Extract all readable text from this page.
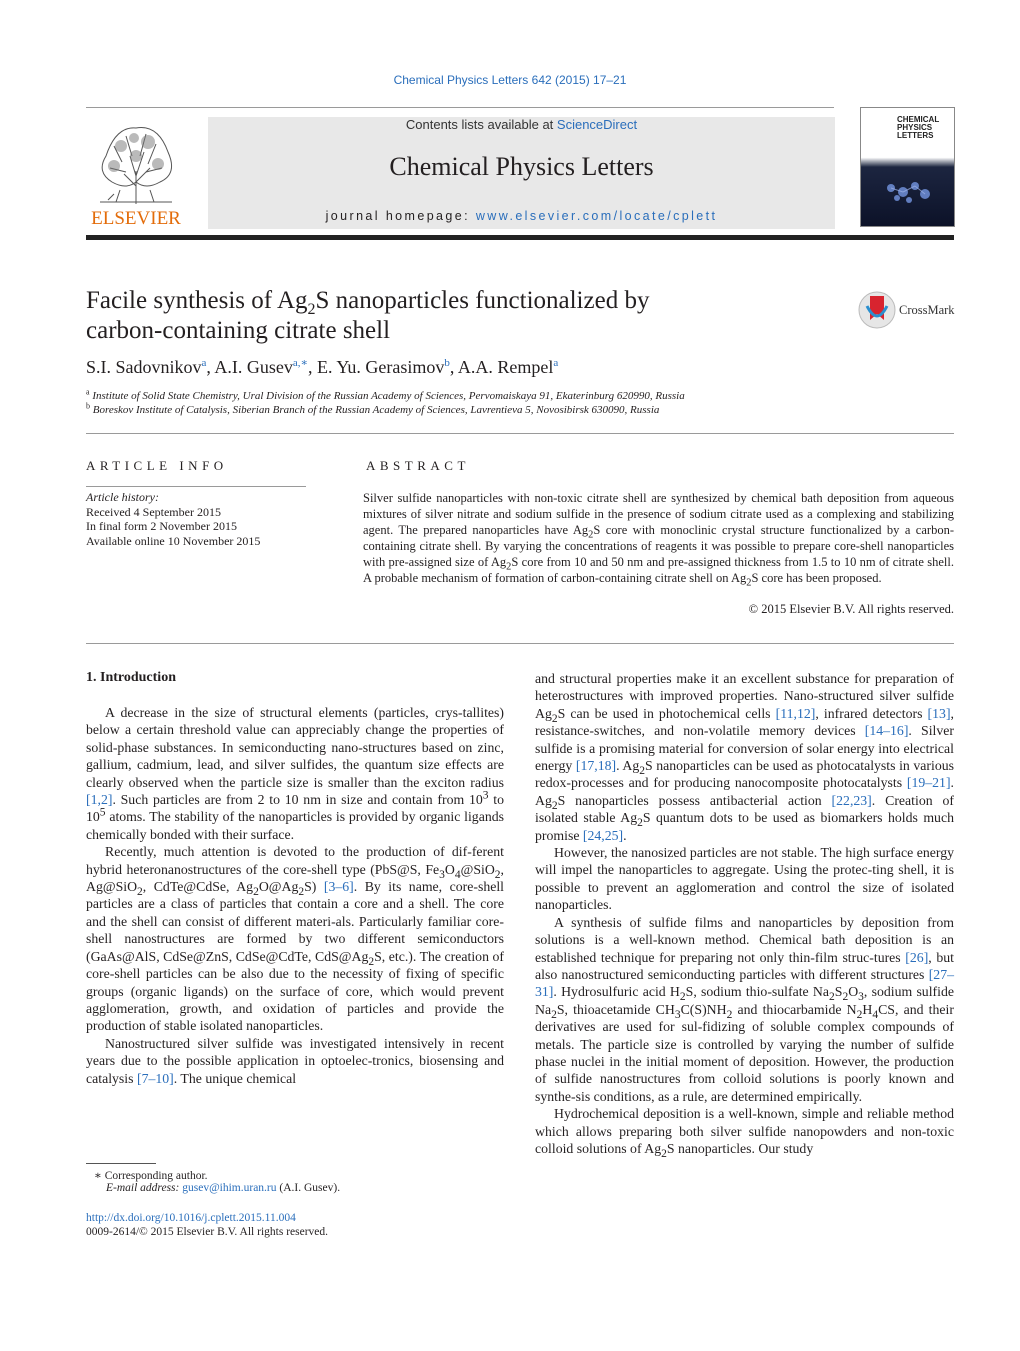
Chemical Physics Letters 642 (2015) 17–21
ELSEVIER
Contents lists available at ScienceDirect
Chemical Physics Letters
journal homepage: www.elsevier.com/locate/cplett
CHEMICAL PHYSICS LETTERS
Facile synthesis of $Ag_2S$ nanoparticles functionalized by
carbon-containing citrate shell
CrossMark
S.I. Sadovnikov$^a$, A.I. Gusev$^{a,∗}$, E. Yu. Gerasimov$^b$, A.A. Rempel$^a$
$^a$ Institute of Solid State Chemistry, Ural Division of the Russian Academy of Sciences, Pervomaiskaya 91, Ekaterinburg 620990, Russia
$^b$ Boreskov Institute of Catalysis, Siberian Branch of the Russian Academy of Sciences, Lavrentieva 5, Novosibirsk 630090, Russia
ARTICLE INFO
Article history:
Received 4 September 2015
In final form 2 November 2015
Available online 10 November 2015
ABSTRACT
Silver sulfide nanoparticles with non-toxic citrate shell are synthesized by chemical bath deposition from aqueous mixtures of silver nitrate and sodium sulfide in the presence of sodium citrate used as a complexing and stabilizing agent. The prepared nanoparticles have $Ag_2S$ core with monoclinic crystal structure functionalized by a carbon-containing citrate shell. By varying the concentrations of reagents it was possible to prepare core-shell nanoparticles with pre-assigned size of $Ag_2S$ core from 10 and 50 nm and pre-assigned thickness from 1.5 to 10 nm of citrate shell. A probable mechanism of formation of carbon-containing citrate shell on $Ag_2S$ core has been proposed.
© 2015 Elsevier B.V. All rights reserved.
1. Introduction

A decrease in the size of structural elements (particles, crys-tallites) below a certain threshold value can appreciably change the properties of solid-phase substances. In semiconducting nano-structures based on zinc, gallium, cadmium, lead, and silver sulfides, the quantum size effects are clearly observed when the particle size is smaller than the exciton radius [1,2]. Such particles are from 2 to 10 nm in size and contain from $10^3$ to $10^5$ atoms. The stability of the nanoparticles is provided by organic ligands chemically bonded with their surface.

Recently, much attention is devoted to the production of dif-ferent hybrid heteronanostructures of the core-shell type (PbS@S, $Fe_3O_4@SiO_2$, Ag@SiO$_2$, CdTe@CdSe, $Ag_2O@Ag_2S$) [3–6]. By its name, core-shell particles are a class of particles that contain a core and a shell. The core and the shell can consist of different materi-als. Particularly familiar core-shell nanostructures are formed by two different semiconductors (GaAs@AlS, CdSe@ZnS, CdSe@CdTe, $CdS@Ag_2S$, etc.). The creation of core-shell particles can be also due to the necessity of fixing of specific groups (organic ligands) on the surface of core, which would prevent agglomeration, growth, and oxidation of particles and provide the production of stable isolated nanoparticles.

Nanostructured silver sulfide was investigated intensively in recent years due to the possible application in optoelec-tronics, biosensing and catalysis [7–10]. The unique chemical

and structural properties make it an excellent substance for preparation of heterostructures with improved properties. Nano-structured silver sulfide $Ag_2S$ can be used in photochemical cells [11,12], infrared detectors [13], resistance-switches, and non-volatile memory devices [14–16]. Silver sulfide is a promising material for conversion of solar energy into electrical energy [17,18]. $Ag_2S$ nanoparticles can be used as photocatalysts in various redox-processes and for producing nanocomposite photocatalysts [19–21]. $Ag_2S$ nanoparticles possess antibacterial action [22,23]. Creation of isolated stable $Ag_2S$ quantum dots to be used as biomarkers holds much promise [24,25].

However, the nanosized particles are not stable. The high surface energy will impel the nanoparticles to aggregate. Using the protec-ting shell, it is possible to prevent an agglomeration and control the size of isolated nanoparticles.

A synthesis of sulfide films and nanoparticles by deposition from solutions is a well-known method. Chemical bath deposition is an established technique for preparing not only thin-film struc-tures [26], but also nanostructured semiconducting particles with different structures [27–31]. Hydrosulfuric acid $H_2S$, sodium thio-sulfate $Na_2S_2O_3$, sodium sulfide $Na_2S$, thioacetamide $CH_3C(S)NH_2$ and thiocarbamide $N_2H_4CS$, and their derivatives are used for sul-fidizing of soluble complex compounds of metals. The particle size is controlled by varying the number of sulfide phase nuclei in the initial moment of deposition. However, the production of sulfide nanostructures from colloid solutions is poorly known and synthe-sis conditions, as a rule, are determined empirically.

Hydrochemical deposition is a well-known, simple and reliable method which allows preparing both silver sulfide nanopowders and non-toxic colloid solutions of $Ag_2S$ nanoparticles. Our study

∗ Corresponding author.
E-mail address: gusev@ihim.uran.ru (A.I. Gusev).
http://dx.doi.org/10.1016/j.cplett.2015.11.004
0009-2614/© 2015 Elsevier B.V. All rights reserved.
